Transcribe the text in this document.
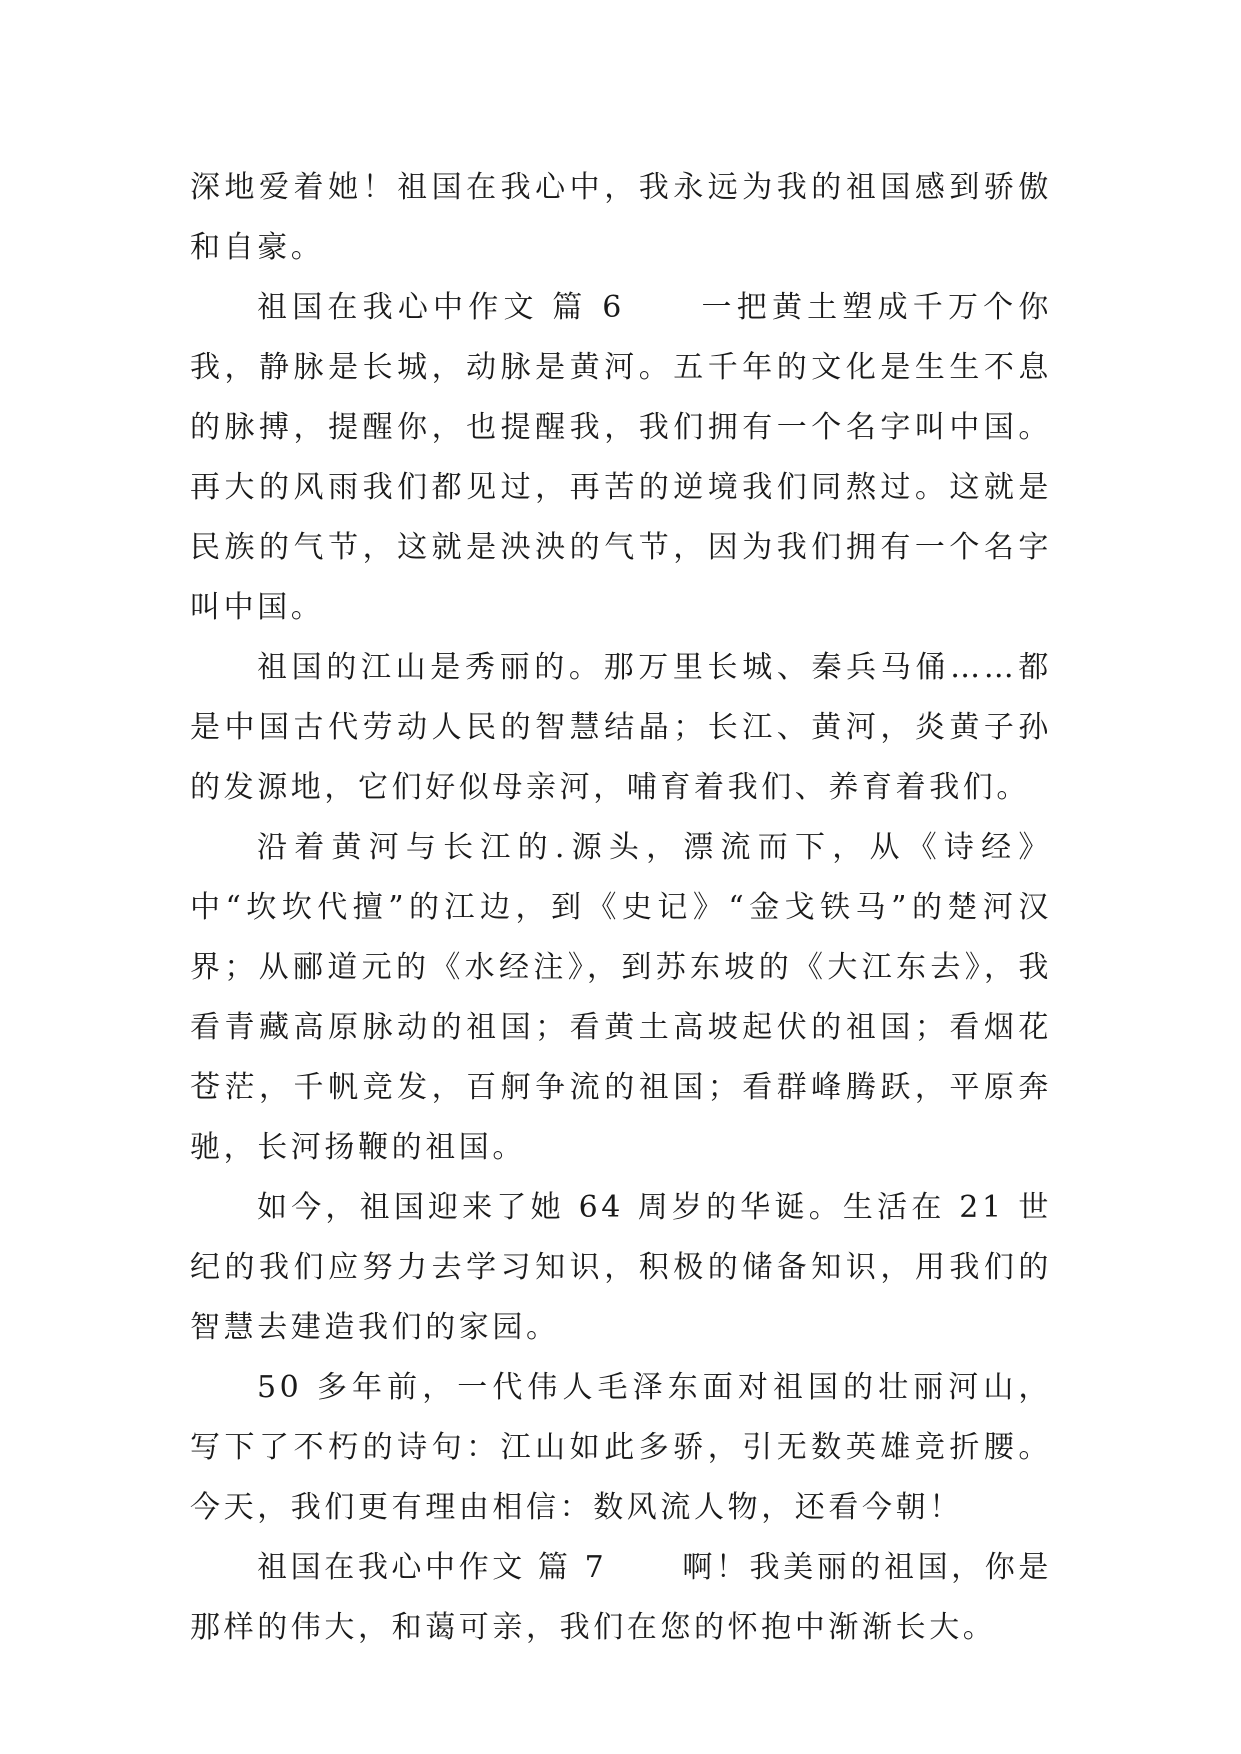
深地爱着她！祖国在我心中，我永远为我的祖国感到骄傲和自豪。

祖国在我心中作文 篇 6	一把黄土塑成千万个你我，静脉是长城，动脉是黄河。五千年的文化是生生不息的脉搏，提醒你，也提醒我，我们拥有一个名字叫中国。再大的风雨我们都见过，再苦的逆境我们同熬过。这就是民族的气节，这就是泱泱的气节，因为我们拥有一个名字叫中国。

祖国的江山是秀丽的。那万里长城、秦兵马俑……都是中国古代劳动人民的智慧结晶；长江、黄河，炎黄子孙的发源地，它们好似母亲河，哺育着我们、养育着我们。

沿着黄河与长江的.源头，漂流而下，从《诗经》中“坎坎代擅”的江边，到《史记》“金戈铁马”的楚河汉界；从郦道元的《水经注》，到苏东坡的《大江东去》，我看青藏高原脉动的祖国；看黄土高坡起伏的祖国；看烟花苍茫，千帆竞发，百舸争流的祖国；看群峰腾跃，平原奔驰，长河扬鞭的祖国。

如今，祖国迎来了她 64 周岁的华诞。生活在 21 世纪的我们应努力去学习知识，积极的储备知识，用我们的智慧去建造我们的家园。

50 多年前，一代伟人毛泽东面对祖国的壮丽河山，写下了不朽的诗句：江山如此多骄，引无数英雄竞折腰。今天，我们更有理由相信：数风流人物，还看今朝！

祖国在我心中作文 篇 7	啊！我美丽的祖国，你是那样的伟大，和蔼可亲，我们在您的怀抱中渐渐长大。
